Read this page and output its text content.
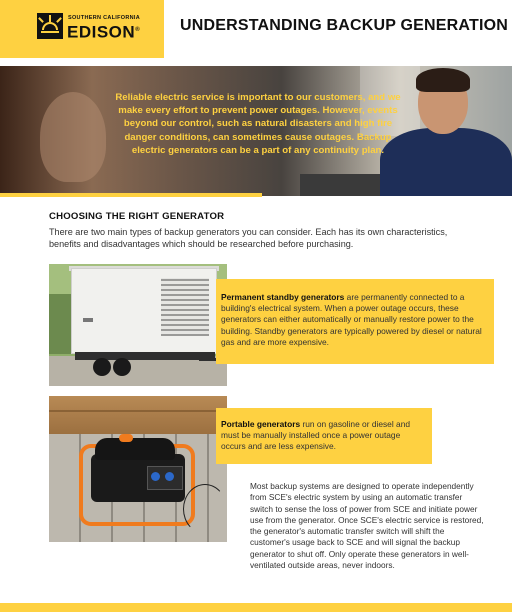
SOUTHERN CALIFORNIA
EDISON® UNDERSTANDING BACKUP GENERATION
Reliable electric service is important to our customers, and we make every effort to prevent power outages. However, events beyond our control, such as natural disasters and high fire danger conditions, can sometimes cause outages. Backup electric generators can be a part of any continuity plan.
CHOOSING THE RIGHT GENERATOR
There are two main types of backup generators you can consider. Each has its own characteristics, benefits and disadvantages which should be researched before purchasing.
Permanent standby generators are permanently connected to a building's electrical system. When a power outage occurs, these generators can either automatically or manually restore power to the building. Standby generators are typically powered by diesel or natural gas and are more expensive.
Portable generators run on gasoline or diesel and must be manually installed once a power outage occurs and are less expensive.
Most backup systems are designed to operate independently from SCE's electric system by using an automatic transfer switch to sense the loss of power from SCE and initiate power use from the generator. Once SCE's electric service is restored, the generator's automatic transfer switch will shift the customer's usage back to SCE and will signal the backup generator to shut off. Only operate these generators in well-ventilated outside areas, never indoors.
